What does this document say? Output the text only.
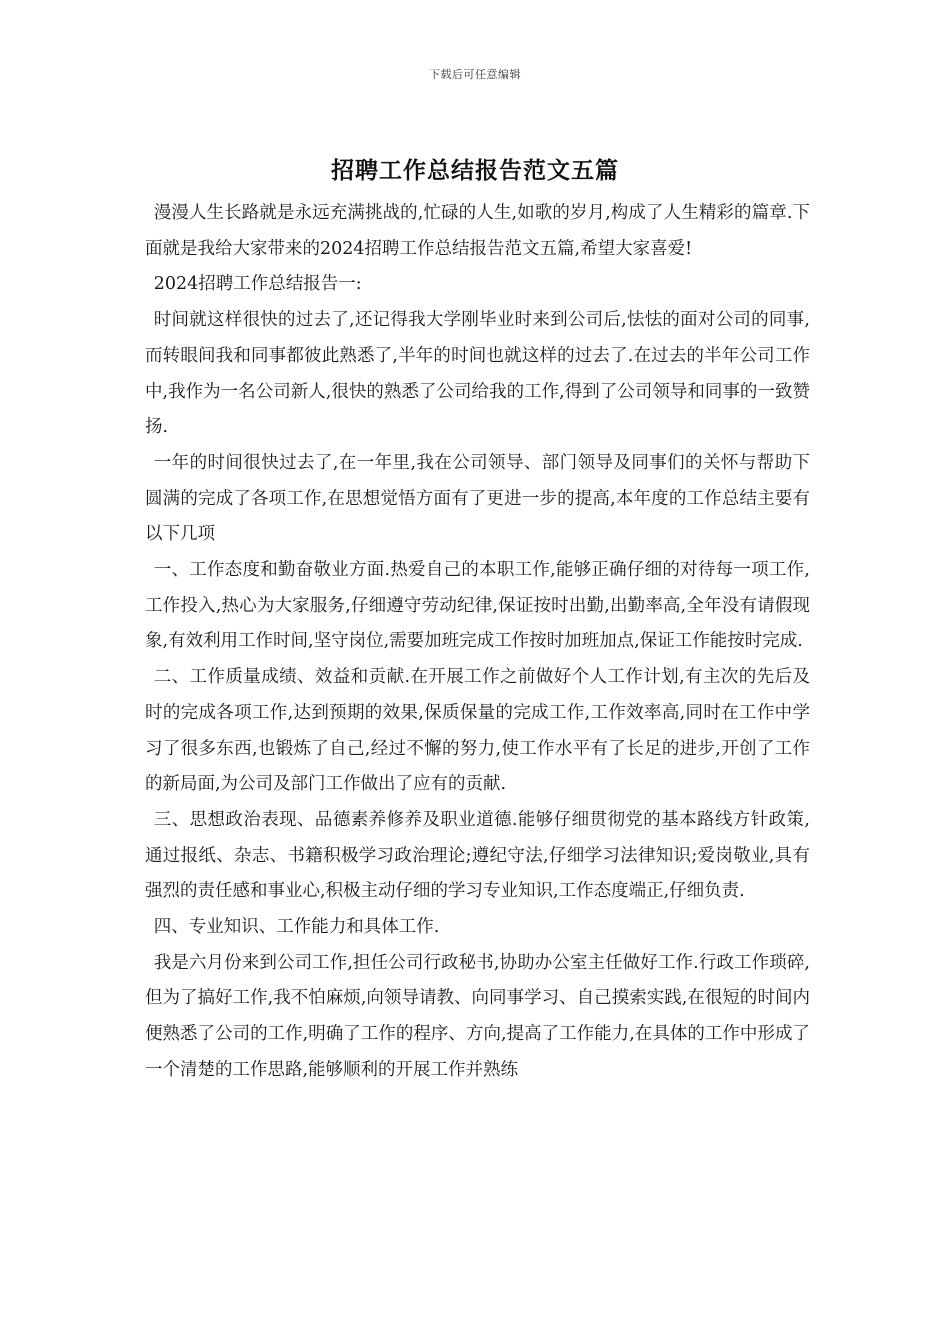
下载后可任意编辑
招聘工作总结报告范文五篇

漫漫人生长路就是永远充满挑战的,忙碌的人生,如歌的岁月,构成了人生精彩的篇章.下面就是我给大家带来的2024招聘工作总结报告范文五篇,希望大家喜爱!

2024招聘工作总结报告一:

时间就这样很快的过去了,还记得我大学刚毕业时来到公司后,怯怯的面对公司的同事,而转眼间我和同事都彼此熟悉了,半年的时间也就这样的过去了.在过去的半年公司工作中,我作为一名公司新人,很快的熟悉了公司给我的工作,得到了公司领导和同事的一致赞扬.

一年的时间很快过去了,在一年里,我在公司领导、部门领导及同事们的关怀与帮助下圆满的完成了各项工作,在思想觉悟方面有了更进一步的提高,本年度的工作总结主要有以下几项

一、工作态度和勤奋敬业方面.热爱自己的本职工作,能够正确仔细的对待每一项工作,工作投入,热心为大家服务,仔细遵守劳动纪律,保证按时出勤,出勤率高,全年没有请假现象,有效利用工作时间,坚守岗位,需要加班完成工作按时加班加点,保证工作能按时完成.

二、工作质量成绩、效益和贡献.在开展工作之前做好个人工作计划,有主次的先后及时的完成各项工作,达到预期的效果,保质保量的完成工作,工作效率高,同时在工作中学习了很多东西,也锻炼了自己,经过不懈的努力,使工作水平有了长足的进步,开创了工作的新局面,为公司及部门工作做出了应有的贡献.

三、思想政治表现、品德素养修养及职业道德.能够仔细贯彻党的基本路线方针政策,通过报纸、杂志、书籍积极学习政治理论;遵纪守法,仔细学习法律知识;爱岗敬业,具有强烈的责任感和事业心,积极主动仔细的学习专业知识,工作态度端正,仔细负责.

四、专业知识、工作能力和具体工作.

我是六月份来到公司工作,担任公司行政秘书,协助办公室主任做好工作.行政工作琐碎,但为了搞好工作,我不怕麻烦,向领导请教、向同事学习、自己摸索实践,在很短的时间内便熟悉了公司的工作,明确了工作的程序、方向,提高了工作能力,在具体的工作中形成了一个清楚的工作思路,能够顺利的开展工作并熟练
